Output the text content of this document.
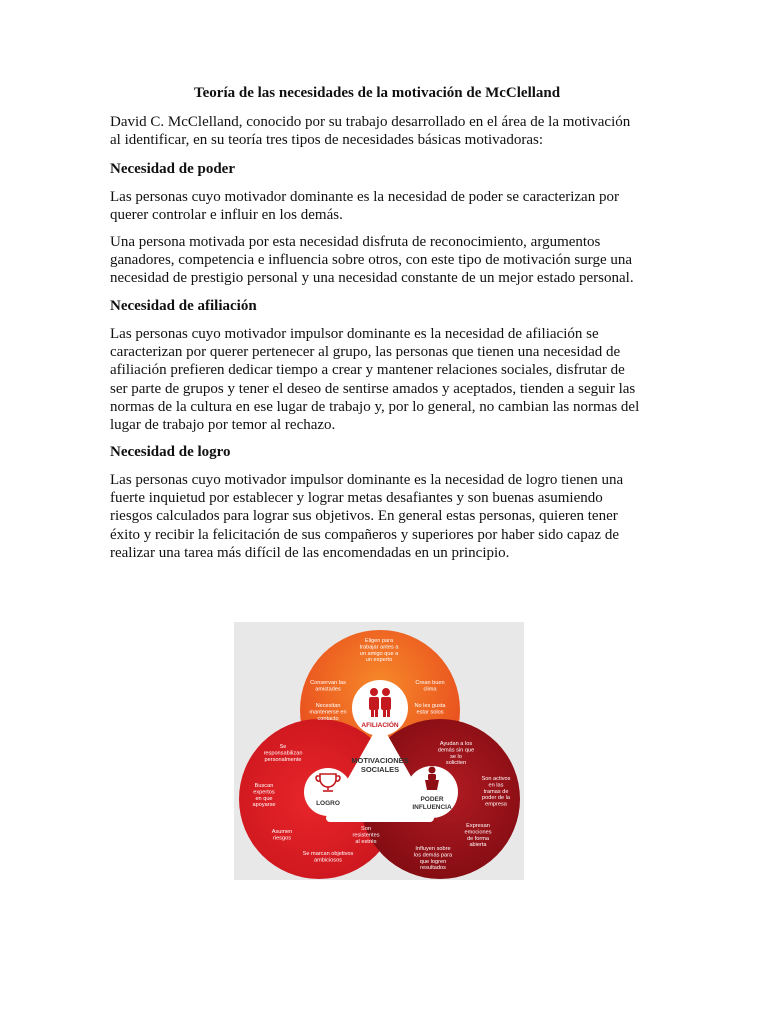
Teoría de las necesidades de la motivación de McClelland

David C. McClelland, conocido por su trabajo desarrollado en el área de la motivación
al identificar, en su teoría tres tipos de necesidades básicas motivadoras:

Necesidad de poder

Las personas cuyo motivador dominante es la necesidad de poder se caracterizan por
querer controlar e influir en los demás.

Una persona motivada por esta necesidad disfruta de reconocimiento, argumentos
ganadores, competencia e influencia sobre otros, con este tipo de motivación surge una
necesidad de prestigio personal y una necesidad constante de un mejor estado personal.

Necesidad de afiliación

Las personas cuyo motivador impulsor dominante es la necesidad de afiliación se
caracterizan por querer pertenecer al grupo, las personas que tienen una necesidad de
afiliación prefieren dedicar tiempo a crear y mantener relaciones sociales, disfrutar de
ser parte de grupos y tener el deseo de sentirse amados y aceptados, tienden a seguir las
normas de la cultura en ese lugar de trabajo y, por lo general, no cambian las normas del
lugar de trabajo por temor al rechazo.

Necesidad de logro

Las personas cuyo motivador impulsor dominante es la necesidad de logro tienen una
fuerte inquietud por establecer y lograr metas desafiantes y son buenas asumiendo
riesgos calculados para lograr sus objetivos. En general estas personas, quieren tener
éxito y recibir la felicitación de sus compañeros y superiores por haber sido capaz de
realizar una tarea más difícil de las encomendadas en un principio.

MOTIVACIONES
SOCIALES
AFILIACIÓN
LOGRO
PODER
INFLUENCIA
Eligen para trabajar antes a un amigo que a un experto
Conservan las amistades
Crean buen clima
Necesitan mantenerse en contacto
No les gusta estar solos
Se responsabilizan personalmente
Buscan expertos en que apoyarse
Asumen riesgos
Se marcan objetivos ambiciosos
Son resistentes al estrés
Ayudan a los demás sin que se lo soliciten
Son activos en las tramas de poder de la empresa
Expresan emociones de forma abierta
Influyen sobre los demás para que logren resultados
